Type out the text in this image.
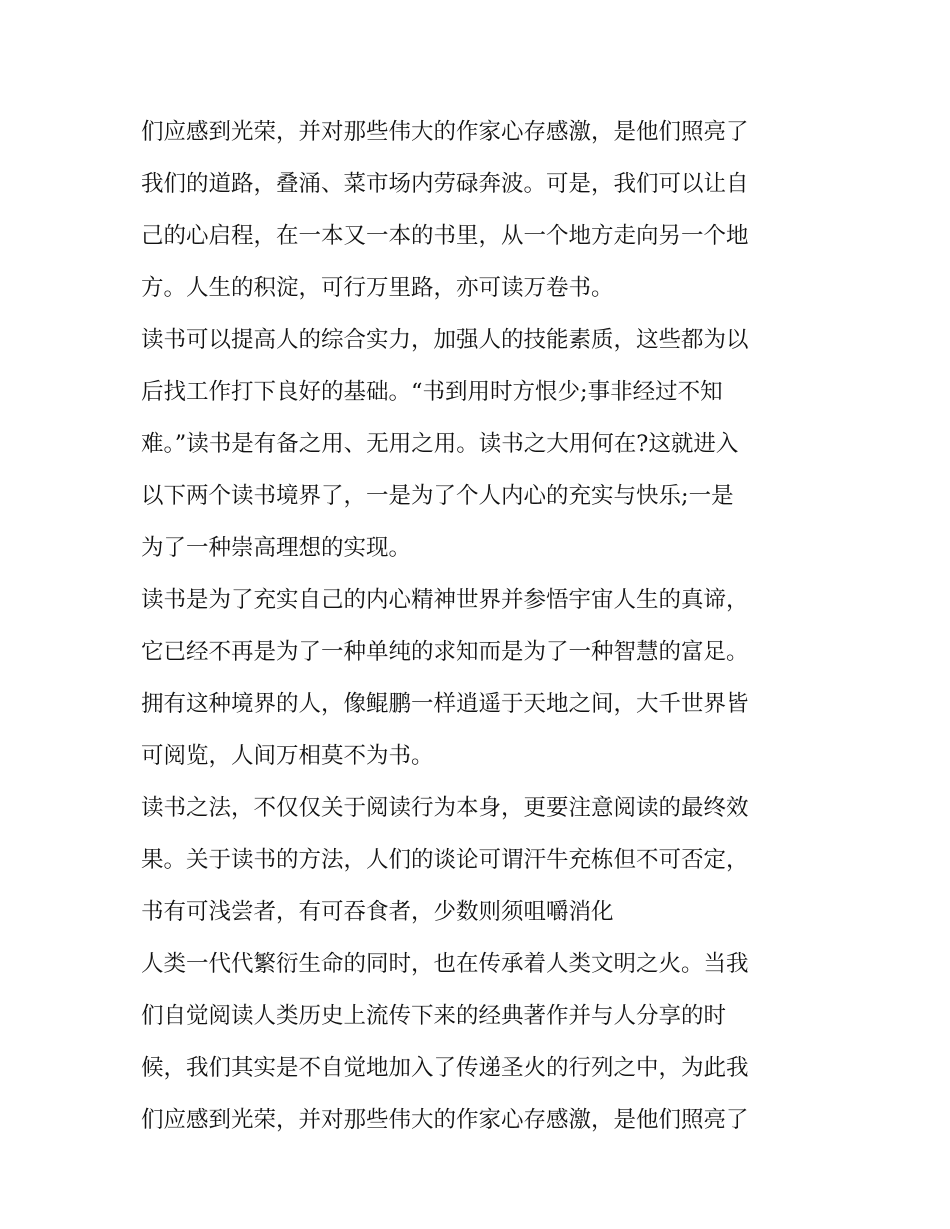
们应感到光荣，并对那些伟大的作家心存感激，是他们照亮了
我们的道路，叠涌、菜市场内劳碌奔波。可是，我们可以让自
己的心启程，在一本又一本的书里，从一个地方走向另一个地
方。人生的积淀，可行万里路，亦可读万卷书。
读书可以提高人的综合实力，加强人的技能素质，这些都为以
后找工作打下良好的基础。“书到用时方恨少;事非经过不知
难。”读书是有备之用、无用之用。读书之大用何在?这就进入
以下两个读书境界了，一是为了个人内心的充实与快乐;一是
为了一种崇高理想的实现。
读书是为了充实自己的内心精神世界并参悟宇宙人生的真谛，
它已经不再是为了一种单纯的求知而是为了一种智慧的富足。
拥有这种境界的人，像鲲鹏一样逍遥于天地之间，大千世界皆
可阅览，人间万相莫不为书。
读书之法，不仅仅关于阅读行为本身，更要注意阅读的最终效
果。关于读书的方法，人们的谈论可谓汗牛充栋但不可否定，
书有可浅尝者，有可吞食者，少数则须咀嚼消化
人类一代代繁衍生命的同时，也在传承着人类文明之火。当我
们自觉阅读人类历史上流传下来的经典著作并与人分享的时
候，我们其实是不自觉地加入了传递圣火的行列之中，为此我
们应感到光荣，并对那些伟大的作家心存感激，是他们照亮了
